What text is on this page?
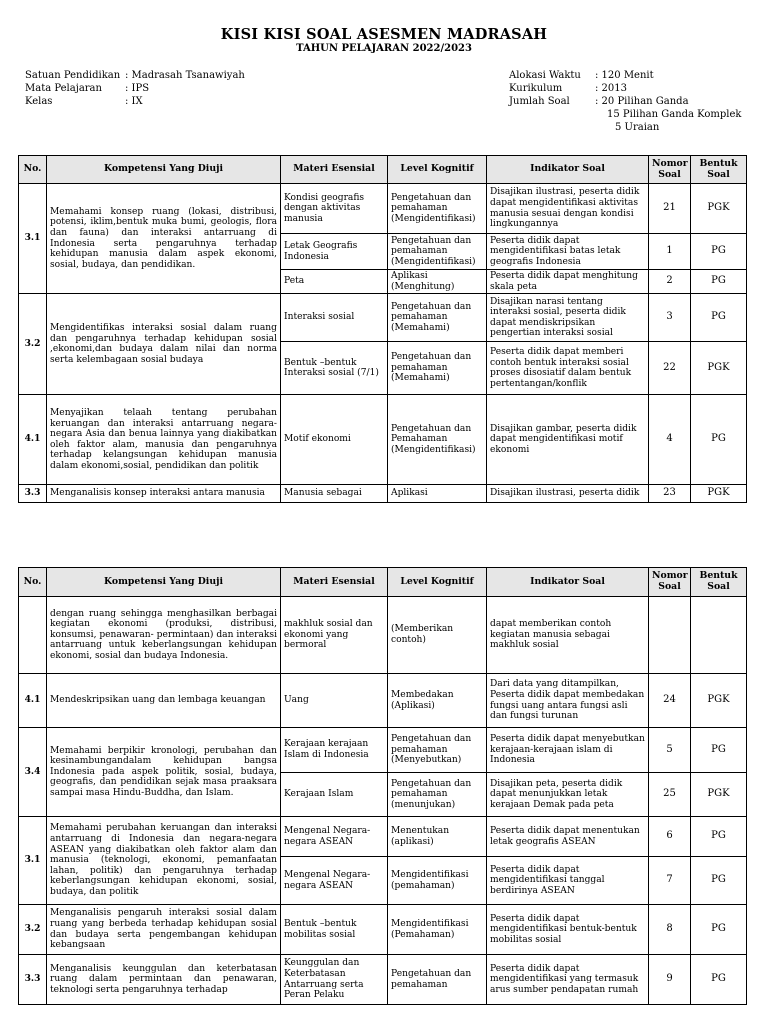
KISI KISI SOAL ASESMEN MADRASAH
TAHUN PELAJARAN 2022/2023
Satuan Pendidikan : Madrasah Tsanawiyah
Mata Pelajaran : IPS
Kelas	: IX
Alokasi Waktu : 120 Menit
Kurikulum	: 2013
Jumlah Soal	: 20 Pilihan Ganda
15 Pilihan Ganda Komplek
5 Uraian
No.	Kompetensi Yang Diuji	Materi Esensial	Level Kognitif	Indikator Soal	Nomor Soal	Bentuk Soal
3.1	Memahami konsep ruang (lokasi, distribusi, potensi, iklim,bentuk muka bumi, geologis, flora dan fauna) dan interaksi antarruang di Indonesia serta pengaruhnya terhadap kehidupan manusia dalam aspek ekonomi, sosial, budaya, dan pendidikan.	Kondisi geografis dengan aktivitas manusia	Pengetahuan dan pemahaman (Mengidentifikasi)	Disajikan ilustrasi, peserta didik dapat mengidentifikasi aktivitas manusia sesuai dengan kondisi lingkungannya	21	PGK
		Letak Geografis Indonesia	Pengetahuan dan pemahaman (Mengidentifikasi)	Peserta didik dapat mengidentifikasi batas letak geografis Indonesia	1	PG
		Peta	Aplikasi (Menghitung)	Peserta didik dapat menghitung skala peta	2	PG
3.2	Mengidentifikas interaksi sosial dalam ruang dan pengaruhnya terhadap kehidupan sosial ,ekonomi,dan budaya dalam nilai dan norma serta kelembagaan sosial budaya	Interaksi sosial	Pengetahuan dan pemahaman (Memahami)	Disajikan narasi tentang interaksi sosial, peserta didik dapat mendiskripsikan pengertian interaksi sosial	3	PG
		Bentuk –bentuk Interaksi sosial (7/1)	Pengetahuan dan pemahaman (Memahami)	Peserta didik dapat memberi contoh bentuk interaksi sosial proses disosiatif dalam bentuk pertentangan/konflik	22	PGK
4.1	Menyajikan telaah tentang perubahan keruangan dan interaksi antarruang negara-negara Asia dan benua lainnya yang diakibatkan oleh faktor alam, manusia dan pengaruhnya terhadap kelangsungan kehidupan manusia dalam ekonomi,sosial, pendidikan dan politik	Motif ekonomi	Pengetahuan dan Pemahaman (Mengidentifikasi)	Disajikan gambar, peserta didik dapat mengidentifikasi motif ekonomi	4	PG
3.3	Menganalisis konsep interaksi antara manusia	Manusia sebagai	Aplikasi	Disajikan ilustrasi, peserta didik	23	PGK
No.	Kompetensi Yang Diuji	Materi Esensial	Level Kognitif	Indikator Soal	Nomor Soal	Bentuk Soal
	dengan ruang sehingga menghasilkan berbagai kegiatan ekonomi (produksi, distribusi, konsumsi, penawaran- permintaan) dan interaksi antarruang untuk keberlangsungan kehidupan ekonomi, sosial dan budaya Indonesia.	makhluk sosial dan ekonomi yang bermoral	(Memberikan contoh)	dapat memberikan contoh kegiatan manusia sebagai makhluk sosial		
4.1	Mendeskripsikan uang dan lembaga keuangan	Uang	Membedakan (Aplikasi)	Dari data yang ditampilkan, Peserta didik dapat membedakan fungsi uang antara fungsi asli dan fungsi turunan	24	PGK
3.4	Memahami berpikir kronologi, perubahan dan kesinambungandalam kehidupan bangsa Indonesia pada aspek politik, sosial, budaya, geografis, dan pendidikan sejak masa praaksara sampai masa Hindu-Buddha, dan Islam.	Kerajaan kerajaan Islam di Indonesia	Pengetahuan dan pemahaman (Menyebutkan)	Peserta didik dapat menyebutkan kerajaan-kerajaan islam di Indonesia	5	PG
		Kerajaan Islam	Pengetahuan dan pemahaman (menunjukan)	Disajikan peta, peserta didik dapat menunjukkan letak kerajaan Demak pada peta	25	PGK
3.1	Memahami perubahan keruangan dan interaksi antarruang di Indonesia dan negara-negara ASEAN yang diakibatkan oleh faktor alam dan manusia (teknologi, ekonomi, pemanfaatan lahan, politik) dan pengaruhnya terhadap keberlangsungan kehidupan ekonomi, sosial, budaya, dan politik	Mengenal Negara-negara ASEAN	Menentukan (aplikasi)	Peserta didik dapat menentukan letak geografis ASEAN	6	PG
		Mengenal Negara-negara ASEAN	Mengidentifikasi (pemahaman)	Peserta didik dapat mengidentifikasi tanggal berdirinya ASEAN	7	PG
3.2	Menganalisis pengaruh interaksi sosial dalam ruang yang berbeda terhadap kehidupan sosial dan budaya serta pengembangan kehidupan kebangsaan	Bentuk –bentuk mobilitas sosial	Mengidentifikasi (Pemahaman)	Peserta didik dapat mengidentifikasi bentuk-bentuk mobilitas sosial	8	PG
3.3	Menganalisis keunggulan dan keterbatasan ruang dalam permintaan dan penawaran, teknologi serta pengaruhnya terhadap	Keunggulan dan Keterbatasan Antarruang serta Peran Pelaku	Pengetahuan dan pemahaman	Peserta didik dapat mengidentifikasi yang termasuk arus sumber pendapatan rumah	9	PG
